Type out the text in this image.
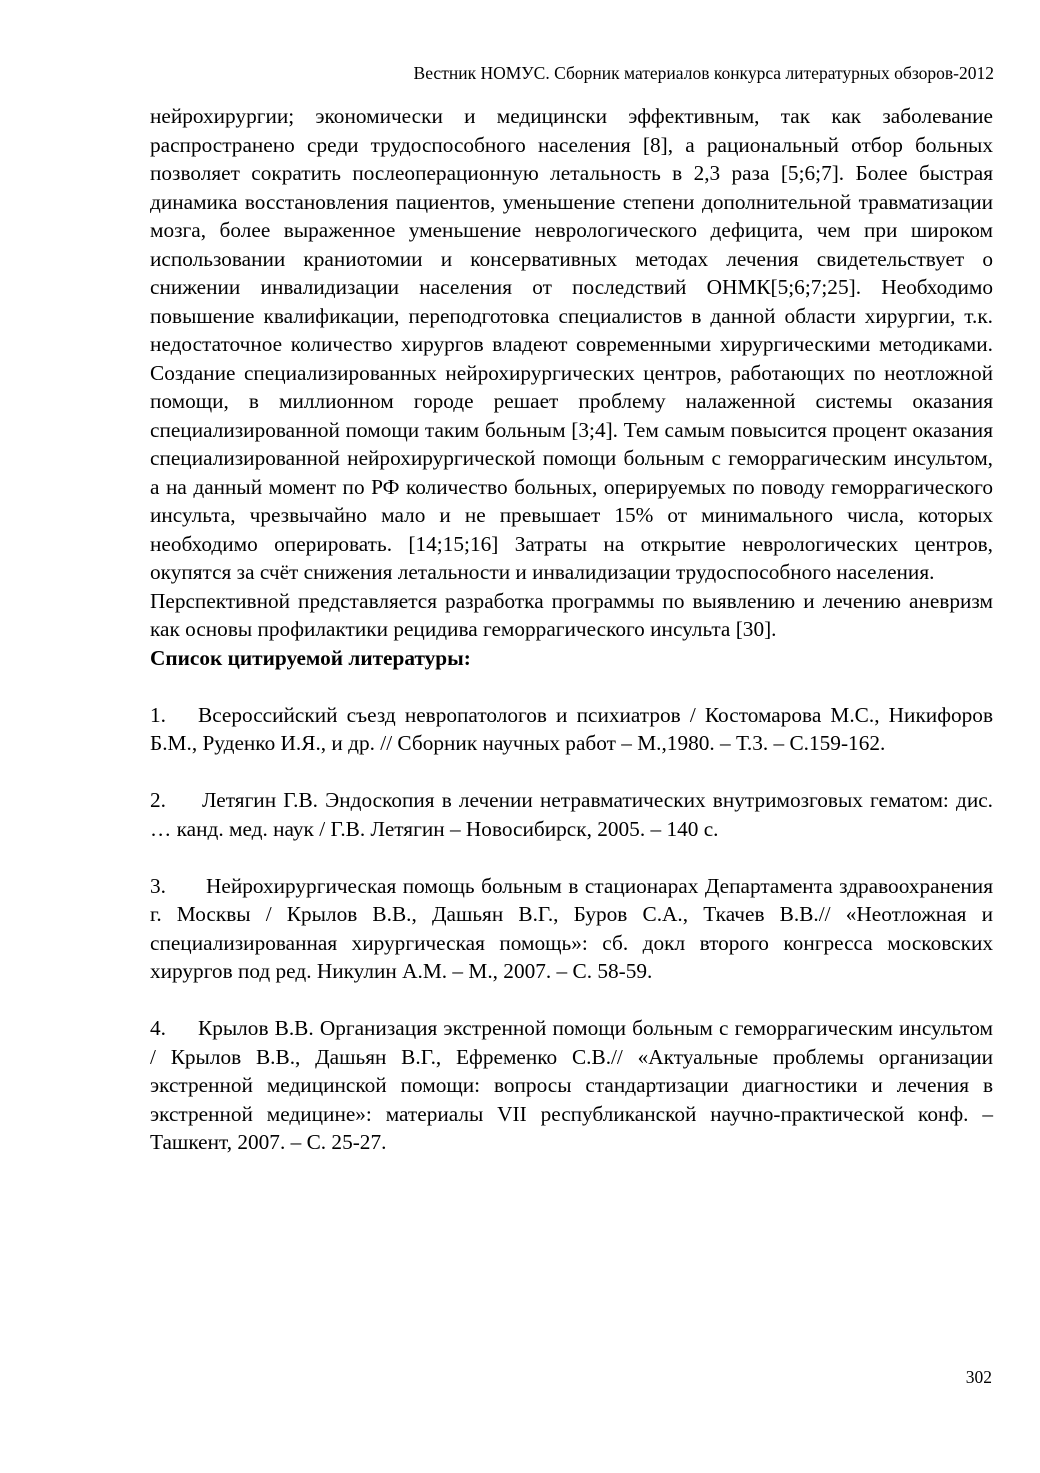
Вестник НОМУС. Сборник материалов конкурса литературных обзоров-2012

нейрохирургии; экономически и медицински эффективным, так как заболевание распространено среди трудоспособного населения [8], а рациональный отбор больных позволяет сократить послеоперационную летальность в 2,3 раза [5;6;7]. Более быстрая динамика восстановления пациентов, уменьшение степени дополнительной травматизации мозга, более выраженное уменьшение неврологического дефицита, чем при широком использовании краниотомии и консервативных методах лечения свидетельствует о снижении инвалидизации населения от последствий ОНМК[5;6;7;25]. Необходимо повышение квалификации, переподготовка специалистов в данной области хирургии, т.к. недостаточное количество хирургов владеют современными хирургическими методиками. Создание специализированных нейрохирургических центров, работающих по неотложной помощи, в миллионном городе решает проблему налаженной системы оказания специализированной помощи таким больным [3;4]. Тем самым повысится процент оказания специализированной нейрохирургической помощи больным с геморрагическим инсультом, а на данный момент по РФ количество больных, оперируемых по поводу геморрагического инсульта, чрезвычайно мало и не превышает 15% от минимального числа, которых необходимо оперировать. [14;15;16] Затраты на открытие неврологических центров, окупятся за счёт снижения летальности и инвалидизации трудоспособного населения.

Перспективной представляется разработка программы по выявлению и лечению аневризм как основы профилактики рецидива геморрагического инсульта [30].

Список цитируемой литературы:

1. Всероссийский съезд невропатологов и психиатров / Костомарова М.С., Никифоров Б.М., Руденко И.Я., и др. // Сборник научных работ – М.,1980. – Т.3. – С.159-162.

2. Летягин Г.В. Эндоскопия в лечении нетравматических внутримозговых гематом: дис. … канд. мед. наук / Г.В. Летягин – Новосибирск, 2005. – 140 с.

3. Нейрохирургическая помощь больным в стационарах Департамента здравоохранения г. Москвы / Крылов В.В., Дашьян В.Г., Буров С.А., Ткачев В.В.// «Неотложная и специализированная хирургическая помощь»: сб. докл второго конгресса московских хирургов под ред. Никулин А.М. – М., 2007. – С. 58-59.

4. Крылов В.В. Организация экстренной помощи больным с геморрагическим инсультом / Крылов В.В., Дашьян В.Г., Ефременко С.В.// «Актуальные проблемы организации экстренной медицинской помощи: вопросы стандартизации диагностики и лечения в экстренной медицине»: материалы VII республиканской научно-практической конф. – Ташкент, 2007. – С. 25-27.

302
